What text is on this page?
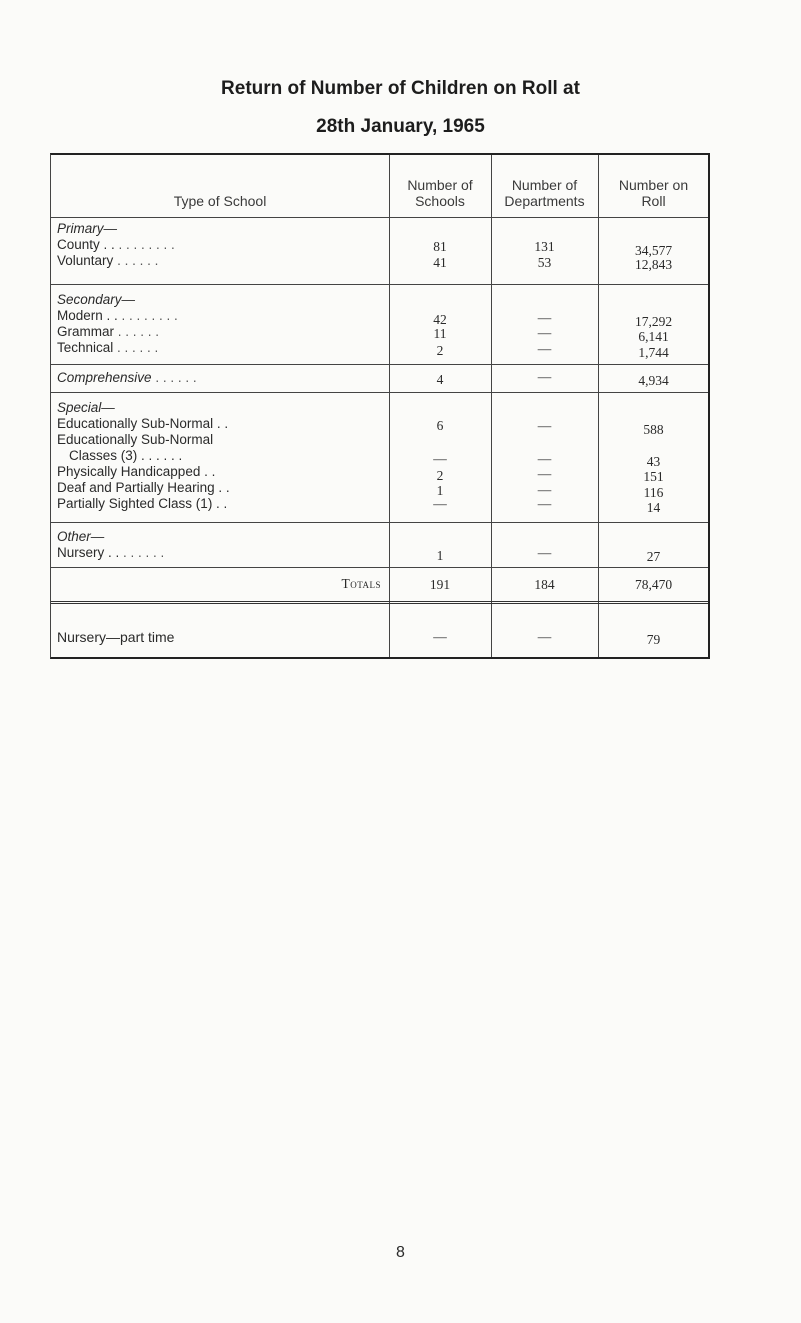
Return of Number of Children on Roll at
28th January, 1965
Type of School
Number of
Schools
Number of
Departments
Number on
Roll
Primary—
County . . . . . . . . . .	81	131	34,577
Voluntary . . . . . .	41	53	12,843
Secondary—
Modern . . . . . . . . . .	42	—	17,292
Grammar . . . . . .	11	—	6,141
Technical . . . . . .	2	—	1,744
Comprehensive . . . . . .	4	—	4,934
Special—
Educationally Sub-Normal . .	6	—	588
Educationally Sub-Normal
Classes (3) . . . . . .	—	—	43
Physically Handicapped . .	2	—	151
Deaf and Partially Hearing . .	1	—	116
Partially Sighted Class (1) . .	—	—	14
Other—
Nursery . . . . . . . .	1	—	27
Totals	191	184	78,470
Nursery—part time	—	—	79
8
